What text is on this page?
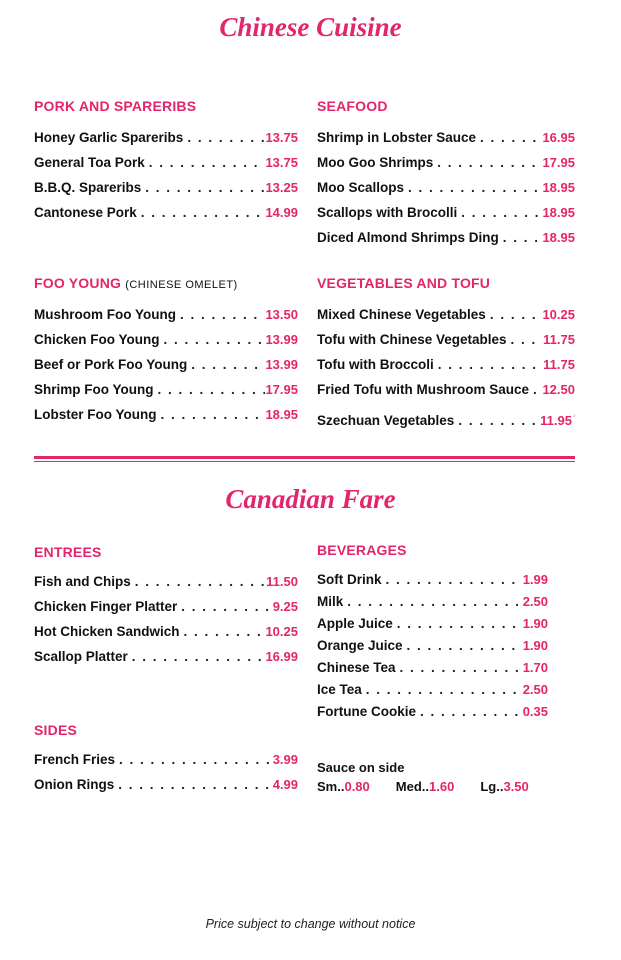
Chinese Cuisine
PORK AND SPARERIBS
Honey Garlic Spareribs . . .	13.75
General Toa Pork . . .	13.75
B.B.Q. Spareribs . . .	13.25
Cantonese Pork . . .	14.99
SEAFOOD
Shrimp in Lobster Sauce . . .	16.95
Moo Goo Shrimps . . .	17.95
Moo Scallops . . .	18.95
Scallops with Brocolli . . .	18.95
Diced Almond Shrimps Ding . . .	18.95
FOO YOUNG (CHINESE OMELET)
Mushroom Foo Young . . .	13.50
Chicken Foo Young . . .	13.99
Beef or Pork Foo Young . . .	13.99
Shrimp Foo Young . . .	17.95
Lobster Foo Young . . .	18.95
VEGETABLES AND TOFU
Mixed Chinese Vegetables . . .	10.25
Tofu with Chinese Vegetables . . .	11.75
Tofu with Broccoli . . .	11.75
Fried Tofu with Mushroom Sauce . . . 12.50
Szechuan Vegetables . . .	11.95
Canadian Fare
ENTREES
Fish and Chips . . .	11.50
Chicken Finger Platter . . .	9.25
Hot Chicken Sandwich . . .	10.25
Scallop Platter . . .	16.99
BEVERAGES
Soft Drink . . .	1.99
Milk . . .	2.50
Apple Juice . . .	1.90
Orange Juice . . .	1.90
Chinese Tea . . .	1.70
Ice Tea . . .	2.50
Fortune Cookie . . .	0.35
SIDES
French Fries . . .	3.99
Onion Rings . . .	4.99
Sauce on side
Sm..0.80 Med..1.60 Lg..3.50
Price subject to change without notice
